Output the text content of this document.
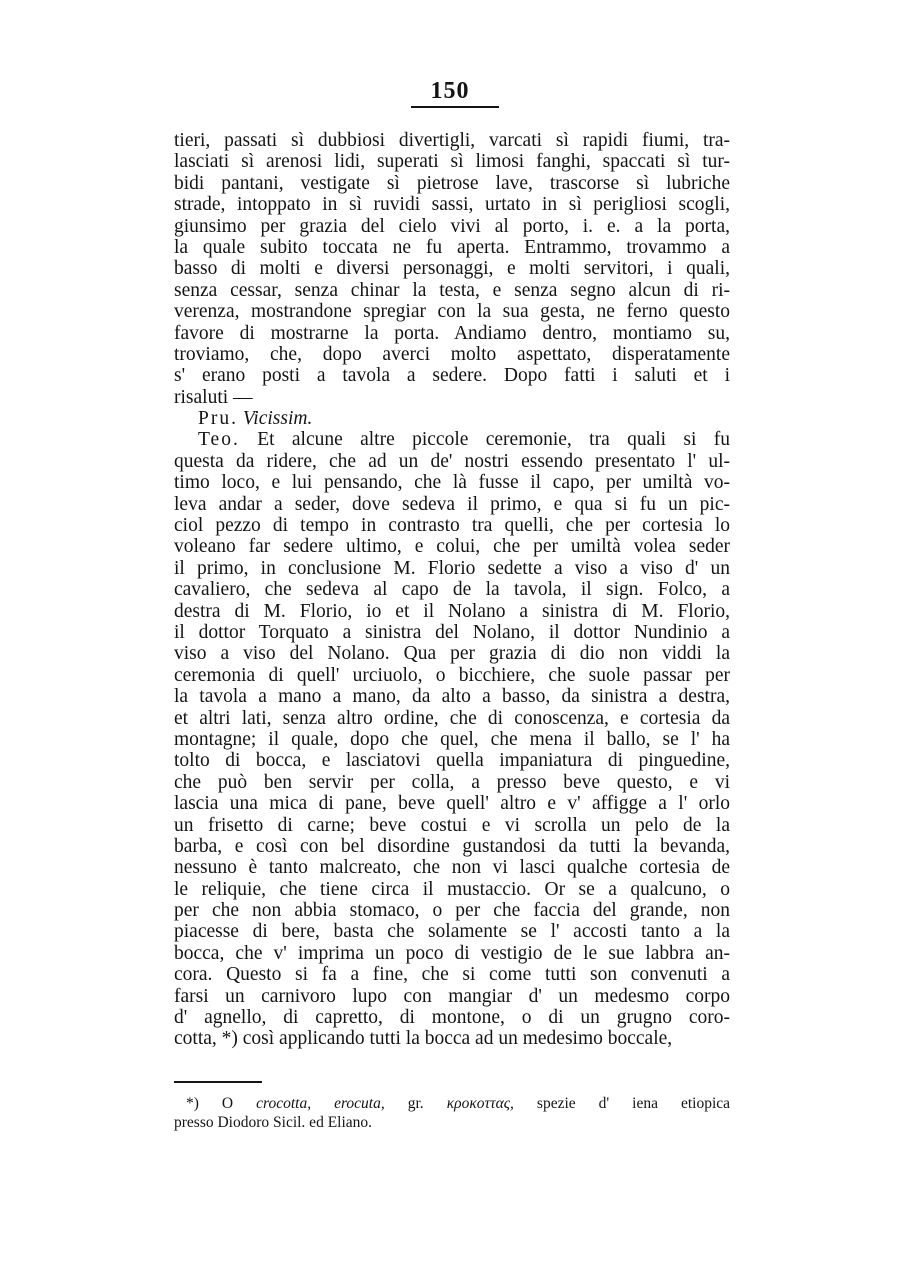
150
tieri, passati sì dubbiosi divertigli, varcati sì rapidi fiumi, tra-
lasciati sì arenosi lidi, superati sì limosi fanghi, spaccati sì tur-
bidi pantani, vestigate sì pietrose lave, trascorse sì lubriche
strade, intoppato in sì ruvidi sassi, urtato in sì perigliosi scogli,
giunsimo per grazia del cielo vivi al porto, i. e. a la porta,
la quale subito toccata ne fu aperta. Entrammo, trovammo a
basso di molti e diversi personaggi, e molti servitori, i quali,
senza cessar, senza chinar la testa, e senza segno alcun di ri-
verenza, mostrandone spregiar con la sua gesta, ne ferno questo
favore di mostrarne la porta. Andiamo dentro, montiamo su,
troviamo, che, dopo averci molto aspettato, disperatamente
s' erano posti a tavola a sedere. Dopo fatti i saluti et i
risaluti —
Pru. Vicissim.
Teo. Et alcune altre piccole ceremonie, tra quali si fu
questa da ridere, che ad un de' nostri essendo presentato l' ul-
timo loco, e lui pensando, che là fusse il capo, per umiltà vo-
leva andar a seder, dove sedeva il primo, e qua si fu un pic-
ciol pezzo di tempo in contrasto tra quelli, che per cortesia lo
voleano far sedere ultimo, e colui, che per umiltà volea seder
il primo, in conclusione M. Florio sedette a viso a viso d' un
cavaliero, che sedeva al capo de la tavola, il sign. Folco, a
destra di M. Florio, io et il Nolano a sinistra di M. Florio,
il dottor Torquato a sinistra del Nolano, il dottor Nundinio a
viso a viso del Nolano. Qua per grazia di dio non viddi la
ceremonia di quell' urciuolo, o bicchiere, che suole passar per
la tavola a mano a mano, da alto a basso, da sinistra a destra,
et altri lati, senza altro ordine, che di conoscenza, e cortesia da
montagne; il quale, dopo che quel, che mena il ballo, se l' ha
tolto di bocca, e lasciatovi quella impaniatura di pinguedine,
che può ben servir per colla, a presso beve questo, e vi
lascia una mica di pane, beve quell' altro e v' affigge a l' orlo
un frisetto di carne; beve costui e vi scrolla un pelo de la
barba, e così con bel disordine gustandosi da tutti la bevanda,
nessuno è tanto malcreato, che non vi lasci qualche cortesia de
le reliquie, che tiene circa il mustaccio. Or se a qualcuno, o
per che non abbia stomaco, o per che faccia del grande, non
piacesse di bere, basta che solamente se l' accosti tanto a la
bocca, che v' imprima un poco di vestigio de le sue labbra an-
cora. Questo si fa a fine, che si come tutti son convenuti a
farsi un carnivoro lupo con mangiar d' un medesmo corpo
d' agnello, di capretto, di montone, o di un grugno coro-
cotta, *) così applicando tutti la bocca ad un medesimo boccale,
*) O crocotta, erocuta, gr. κροκοττας, spezie d' iena etiopica
presso Diodoro Sicil. ed Eliano.
